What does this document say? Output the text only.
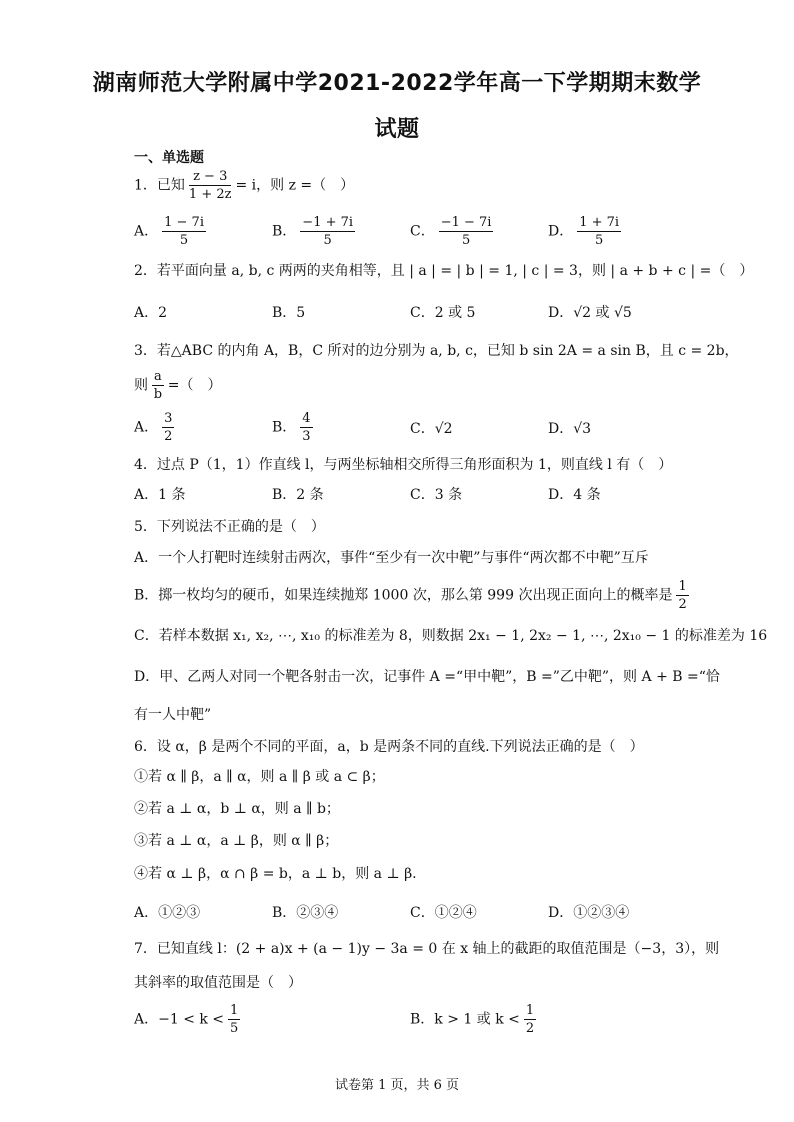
湖南师范大学附属中学2021-2022学年高一下学期期末数学
试题
一、单选题
1．已知 $\frac{z - 3}{1 + 2z} = i$，则 z =（　）
A． $\frac{1 - 7i}{5}$	B． $\frac{-1 + 7i}{5}$	C． $\frac{-1 - 7i}{5}$	D． $\frac{1 + 7i}{5}$
2．若平面向量 a, b, c 两两的夹角相等，且 | a | = | b | = 1, | c | = 3，则 | a + b + c | =（　）
A．2	B．5	C．2 或 5	D．√2 或 √5
3．若△ABC 的内角 A，B，C 所对的边分别为 a, b, c，已知 b sin 2A = a sin B，且 c = 2b，
则 $\frac{a}{b}$ =（　）
A． $\frac{3}{2}$	B． $\frac{4}{3}$	C．√2	D．√3
4．过点 P（1，1）作直线 l，与两坐标轴相交所得三角形面积为 1，则直线 l 有（　）
A．1 条	B．2 条	C．3 条	D．4 条
5．下列说法不正确的是（　）
A．一个人打靶时连续射击两次，事件“至少有一次中靶”与事件“两次都不中靶”互斥
B．掷一枚均匀的硬币，如果连续抛郑 1000 次，那么第 999 次出现正面向上的概率是 $\frac{1}{2}$
C．若样本数据 x₁, x₂, ⋯, x₁₀ 的标准差为 8，则数据 2x₁ − 1, 2x₂ − 1, ⋯, 2x₁₀ − 1 的标准差为 16
D．甲、乙两人对同一个靶各射击一次，记事件 A =“甲中靶”，B =”乙中靶”，则 A + B =“恰
有一人中靶”
6．设 α，β 是两个不同的平面，a，b 是两条不同的直线.下列说法正确的是（　）
①若 α ∥ β，a ∥ α，则 a ∥ β 或 a ⊂ β；
②若 a ⊥ α，b ⊥ α，则 a ∥ b；
③若 a ⊥ α，a ⊥ β，则 α ∥ β；
④若 α ⊥ β，α ∩ β = b，a ⊥ b，则 a ⊥ β.
A．①②③	B．②③④	C．①②④	D．①②③④
7．已知直线 l：(2 + a)x + (a − 1)y − 3a = 0 在 x 轴上的截距的取值范围是（−3，3），则
其斜率的取值范围是（　）
A．$-1 < k < \frac{1}{5}$	B．k > 1 或 $k < \frac{1}{2}$
试卷第 1 页，共 6 页
